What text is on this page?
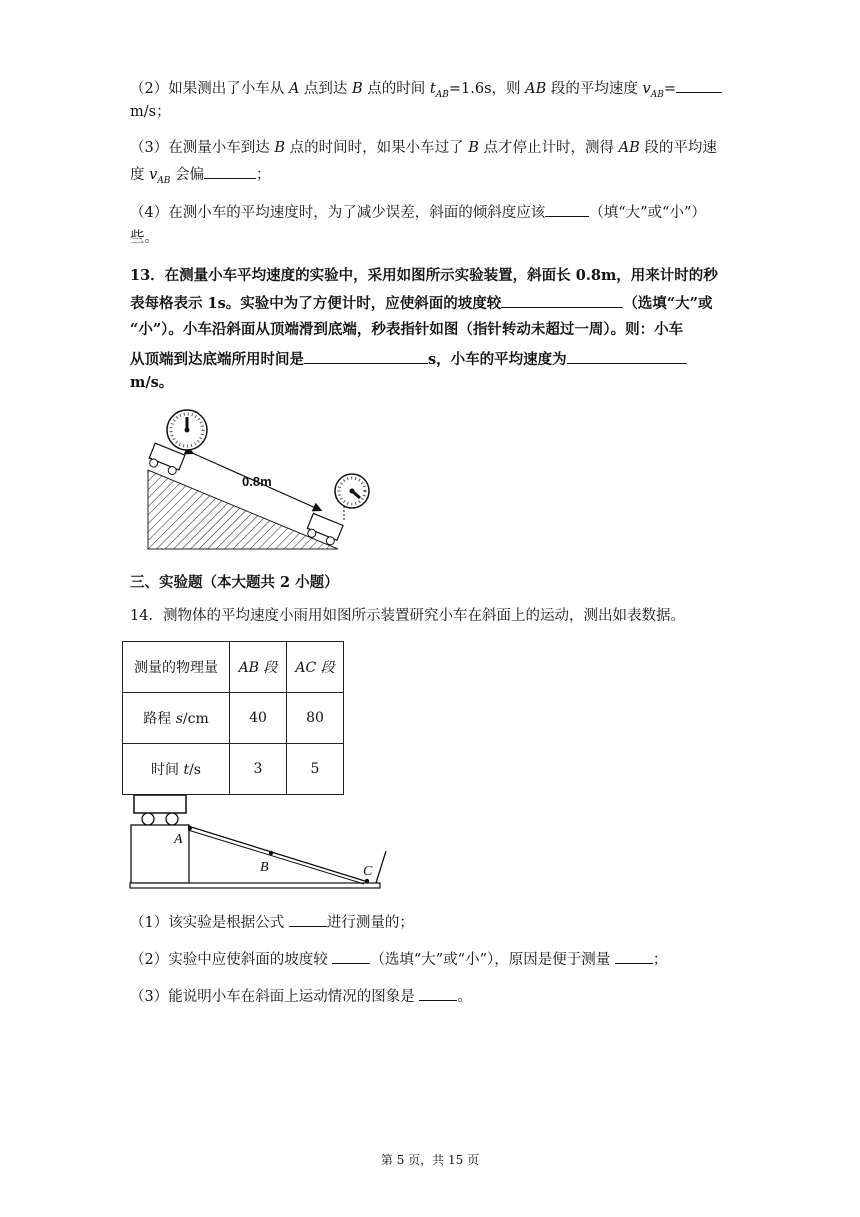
（2）如果测出了小车从 A 点到达 B 点的时间 $t_{AB}=1.6s$，则 AB 段的平均速度 $v_{AB}=$
m/s；
（3）在测量小车到达 B 点的时间时，如果小车过了 B 点才停止计时，测得 AB 段的平均速
度 $v_{AB}$ 会偏	；
（4）在测小车的平均速度时，为了减少误差，斜面的倾斜度应该	（填“大”或“小”）
些。
13．在测量小车平均速度的实验中，采用如图所示实验装置，斜面长 0.8m，用来计时的秒
表每格表示 1s。实验中为了方便计时，应使斜面的坡度较	（选填“大”或
“小”）。小车沿斜面从顶端滑到底端，秒表指针如图（指针转动未超过一周）。则：小车
从顶端到达底端所用时间是	s，小车的平均速度为
m/s。
0.8m
三、实验题（本大题共 2 小题）
14．测物体的平均速度小雨用如图所示装置研究小车在斜面上的运动，测出如表数据。
测量的物理量	AB 段	AC 段
路程 s/cm	40	80
时间 t/s	3	5
A
B	C
（1）该实验是根据公式	进行测量的；
（2）实验中应使斜面的坡度较	（选填“大”或“小”），原因是便于测量	；
（3）能说明小车在斜面上运动情况的图象是	。
第 5 页，共 15 页
